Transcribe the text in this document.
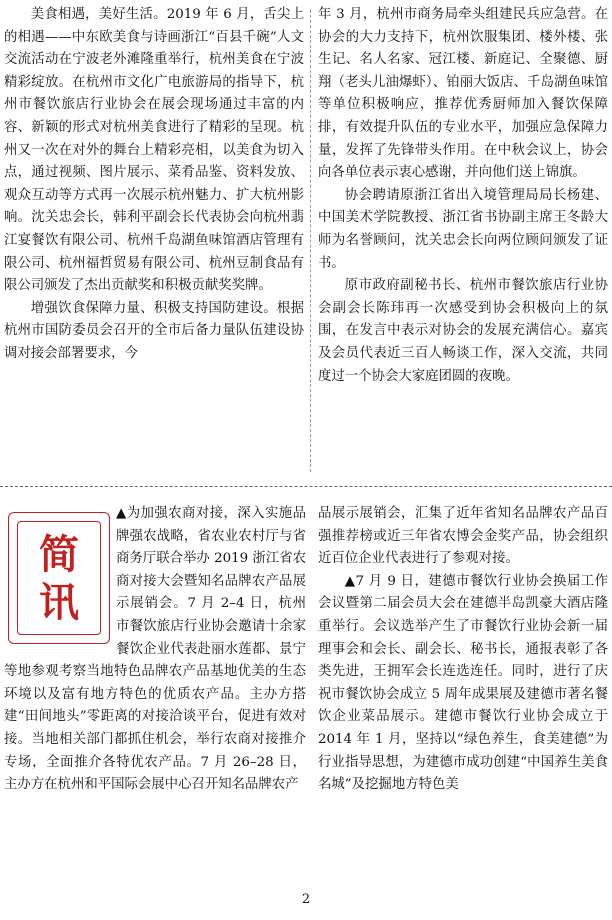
美食相遇，美好生活。2019 年 6 月，舌尖上的相遇——中东欧美食与诗画浙江“百县千碗”人文交流活动在宁波老外滩隆重举行，杭州美食在宁波精彩绽放。在杭州市文化广电旅游局的指导下，杭州市餐饮旅店行业协会在展会现场通过丰富的内容、新颖的形式对杭州美食进行了精彩的呈现。杭州又一次在对外的舞台上精彩亮相，以美食为切入点，通过视频、图片展示、菜肴品鉴、资料发放、观众互动等方式再一次展示杭州魅力、扩大杭州影响。沈关忠会长，韩利平副会长代表协会向杭州翡江宴餐饮有限公司、杭州千岛湖鱼味馆酒店管理有限公司、杭州福哲贸易有限公司、杭州豆制食品有限公司颁发了杰出贡献奖和积极贡献奖奖牌。

增强饮食保障力量、积极支持国防建设。根据杭州市国防委员会召开的全市后备力量队伍建设协调对接会部署要求，今

年 3 月，杭州市商务局牵头组建民兵应急营。在协会的大力支持下，杭州饮服集团、楼外楼、张生记、名人名家、冠江楼、新庭记、全聚德、厨翔（老头儿油爆虾）、铂丽大饭店、千岛湖鱼味馆等单位积极响应，推荐优秀厨师加入餐饮保障排，有效提升队伍的专业水平，加强应急保障力量，发挥了先锋带头作用。在中秋会议上，协会向各单位表示衷心感谢，并向他们送上锦旗。

协会聘请原浙江省出入境管理局局长杨建、中国美术学院教授、浙江省书协副主席王冬龄大师为名誉顾问，沈关忠会长向两位顾问颁发了证书。

原市政府副秘书长、杭州市餐饮旅店行业协会副会长陈玮再一次感受到协会积极向上的氛围，在发言中表示对协会的发展充满信心。嘉宾及会员代表近三百人畅谈工作，深入交流，共同度过一个协会大家庭团圆的夜晚。

简
讯

▲为加强农商对接，深入实施品牌强农战略，省农业农村厅与省商务厅联合举办 2019 浙江省农商对接大会暨知名品牌农产品展示展销会。7 月 2–4 日，杭州市餐饮旅店行业协会邀请十余家餐饮企业代表赴丽水莲都、景宁等地参观考察当地特色品牌农产品基地优美的生态环境以及富有地方特色的优质农产品。主办方搭建“田间地头”零距离的对接洽谈平台，促进有效对接。当地相关部门都抓住机会，举行农商对接推介专场，全面推介各特优农产品。7 月 26–28 日，主办方在杭州和平国际会展中心召开知名品牌农产

品展示展销会，汇集了近年省知名品牌农产品百强推荐榜或近三年省农博会金奖产品，协会组织近百位企业代表进行了参观对接。

▲7 月 9 日，建德市餐饮行业协会换届工作会议暨第二届会员大会在建德半岛凯豪大酒店隆重举行。会议选举产生了市餐饮行业协会新一届理事会和会长、副会长、秘书长，通报表彰了各类先进，王拥军会长连选连任。同时，进行了庆祝市餐饮协会成立 5 周年成果展及建德市著名餐饮企业菜品展示。建德市餐饮行业协会成立于 2014 年 1 月，坚持以“绿色养生，食美建德”为行业指导思想，为建德市成功创建“中国养生美食名城”及挖掘地方特色美

2
